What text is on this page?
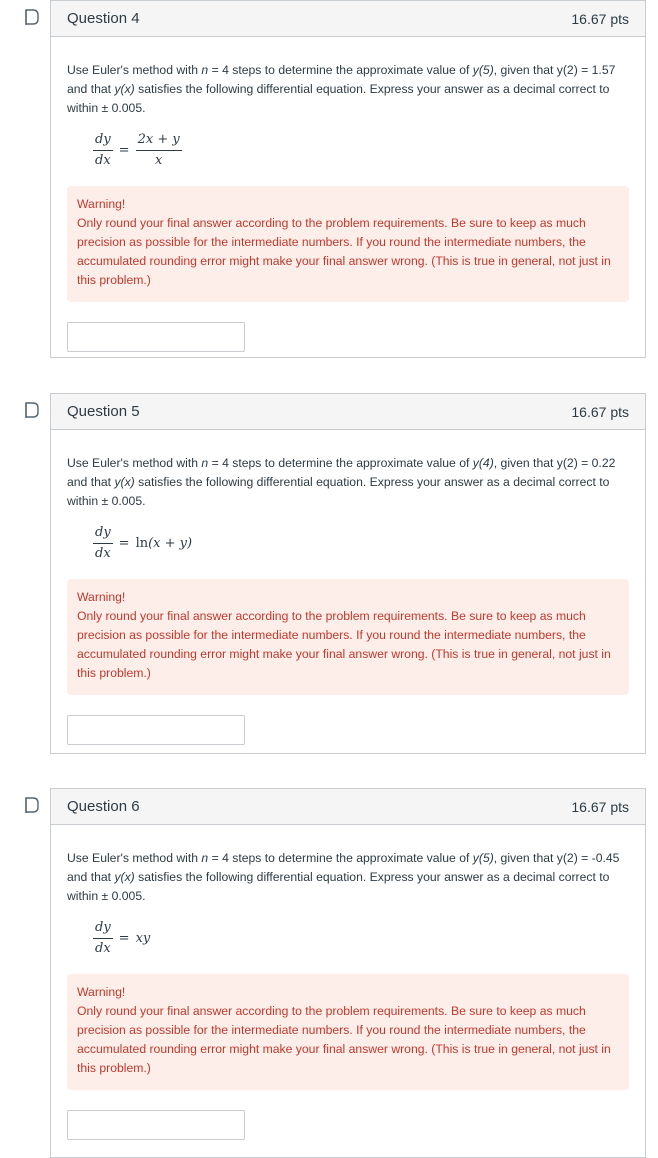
Question 4	16.67 pts

Use Euler's method with n = 4 steps to determine the approximate value of y(5), given that y(2) = 1.57 and that y(x) satisfies the following differential equation. Express your answer as a decimal correct to within ± 0.005.

$\frac{dy}{dx} = \frac{2x + y}{x}$
Warning!
Only round your final answer according to the problem requirements. Be sure to keep as much precision as possible for the intermediate numbers. If you round the intermediate numbers, the accumulated rounding error might make your final answer wrong. (This is true in general, not just in this problem.)
Question 5	16.67 pts

Use Euler's method with n = 4 steps to determine the approximate value of y(4), given that y(2) = 0.22 and that y(x) satisfies the following differential equation. Express your answer as a decimal correct to within ± 0.005.

$\frac{dy}{dx} = \ln(x + y)$
Warning!
Only round your final answer according to the problem requirements. Be sure to keep as much precision as possible for the intermediate numbers. If you round the intermediate numbers, the accumulated rounding error might make your final answer wrong. (This is true in general, not just in this problem.)
Question 6	16.67 pts

Use Euler's method with n = 4 steps to determine the approximate value of y(5), given that y(2) = -0.45 and that y(x) satisfies the following differential equation. Express your answer as a decimal correct to within ± 0.005.

$\frac{dy}{dx}$ = xy
Warning!
Only round your final answer according to the problem requirements. Be sure to keep as much precision as possible for the intermediate numbers. If you round the intermediate numbers, the accumulated rounding error might make your final answer wrong. (This is true in general, not just in this problem.)
